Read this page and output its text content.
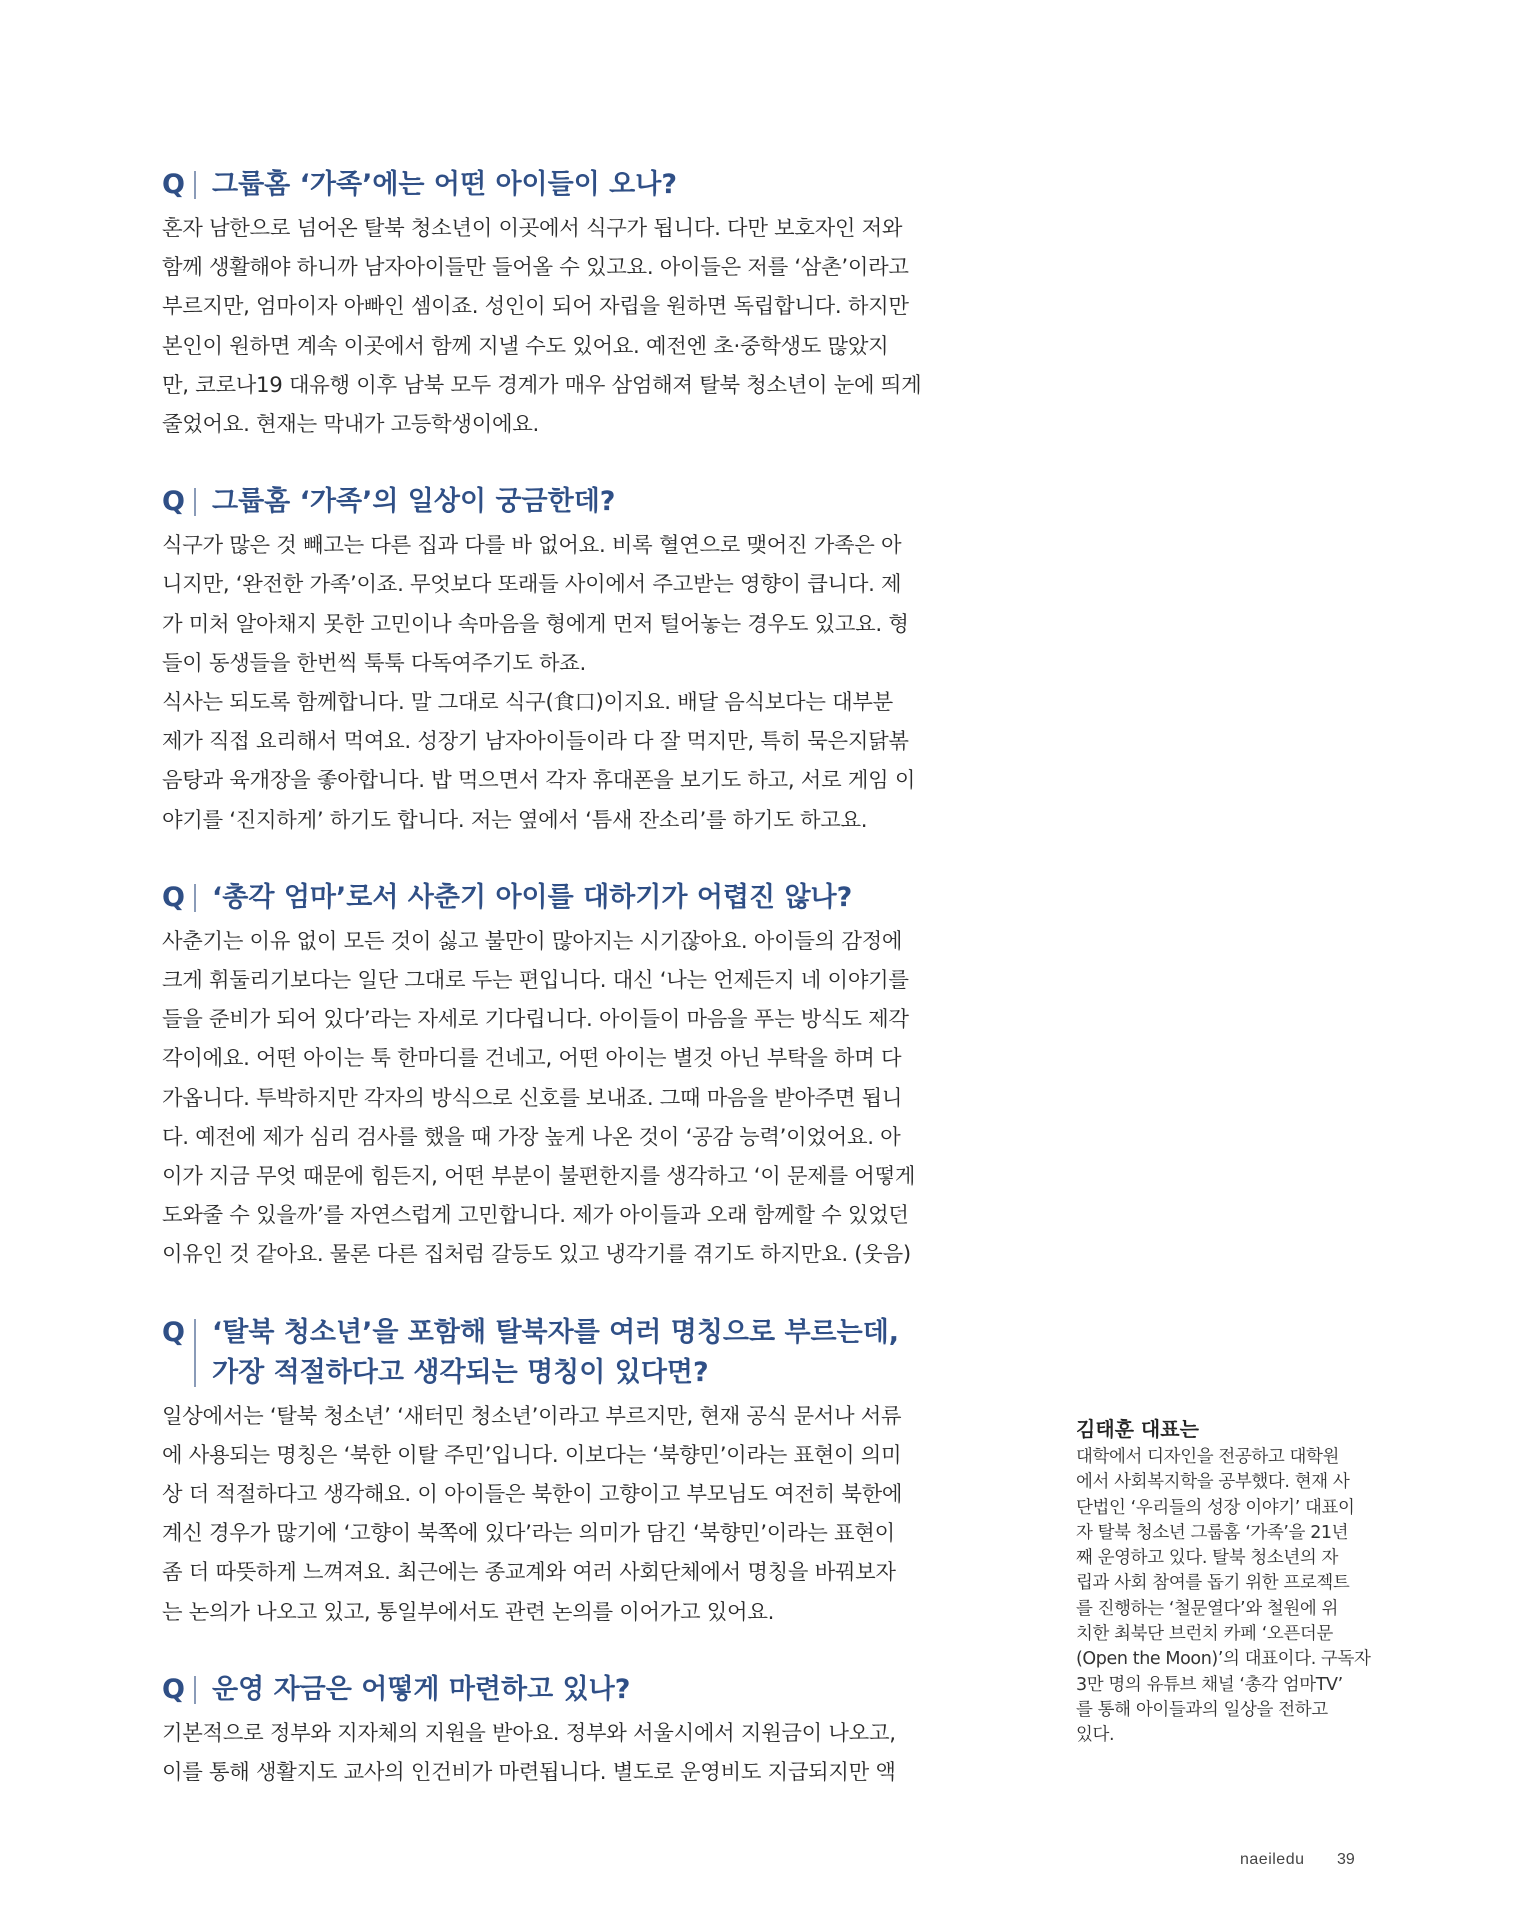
Q 그룹홈 ‘가족’에는 어떤 아이들이 오나?
혼자 남한으로 넘어온 탈북 청소년이 이곳에서 식구가 됩니다. 다만 보호자인 저와
함께 생활해야 하니까 남자아이들만 들어올 수 있고요. 아이들은 저를 ‘삼촌’이라고
부르지만, 엄마이자 아빠인 셈이죠. 성인이 되어 자립을 원하면 독립합니다. 하지만
본인이 원하면 계속 이곳에서 함께 지낼 수도 있어요. 예전엔 초·중학생도 많았지
만, 코로나19 대유행 이후 남북 모두 경계가 매우 삼엄해져 탈북 청소년이 눈에 띄게
줄었어요. 현재는 막내가 고등학생이에요.
Q 그룹홈 ‘가족’의 일상이 궁금한데?
식구가 많은 것 빼고는 다른 집과 다를 바 없어요. 비록 혈연으로 맺어진 가족은 아
니지만, ‘완전한 가족’이죠. 무엇보다 또래들 사이에서 주고받는 영향이 큽니다. 제
가 미처 알아채지 못한 고민이나 속마음을 형에게 먼저 털어놓는 경우도 있고요. 형
들이 동생들을 한번씩 툭툭 다독여주기도 하죠.
식사는 되도록 함께합니다. 말 그대로 식구(食口)이지요. 배달 음식보다는 대부분
제가 직접 요리해서 먹여요. 성장기 남자아이들이라 다 잘 먹지만, 특히 묵은지닭볶
음탕과 육개장을 좋아합니다. 밥 먹으면서 각자 휴대폰을 보기도 하고, 서로 게임 이
야기를 ‘진지하게’ 하기도 합니다. 저는 옆에서 ‘틈새 잔소리’를 하기도 하고요.
Q ‘총각 엄마’로서 사춘기 아이를 대하기가 어렵진 않나?
사춘기는 이유 없이 모든 것이 싫고 불만이 많아지는 시기잖아요. 아이들의 감정에
크게 휘둘리기보다는 일단 그대로 두는 편입니다. 대신 ‘나는 언제든지 네 이야기를
들을 준비가 되어 있다’라는 자세로 기다립니다. 아이들이 마음을 푸는 방식도 제각
각이에요. 어떤 아이는 툭 한마디를 건네고, 어떤 아이는 별것 아닌 부탁을 하며 다
가옵니다. 투박하지만 각자의 방식으로 신호를 보내죠. 그때 마음을 받아주면 됩니
다. 예전에 제가 심리 검사를 했을 때 가장 높게 나온 것이 ‘공감 능력’이었어요. 아
이가 지금 무엇 때문에 힘든지, 어떤 부분이 불편한지를 생각하고 ‘이 문제를 어떻게
도와줄 수 있을까’를 자연스럽게 고민합니다. 제가 아이들과 오래 함께할 수 있었던
이유인 것 같아요. 물론 다른 집처럼 갈등도 있고 냉각기를 겪기도 하지만요. (웃음)
Q ‘탈북 청소년’을 포함해 탈북자를 여러 명칭으로 부르는데,
가장 적절하다고 생각되는 명칭이 있다면?
일상에서는 ‘탈북 청소년’ ‘새터민 청소년’이라고 부르지만, 현재 공식 문서나 서류
에 사용되는 명칭은 ‘북한 이탈 주민’입니다. 이보다는 ‘북향민’이라는 표현이 의미
상 더 적절하다고 생각해요. 이 아이들은 북한이 고향이고 부모님도 여전히 북한에
계신 경우가 많기에 ‘고향이 북쪽에 있다’라는 의미가 담긴 ‘북향민’이라는 표현이
좀 더 따뜻하게 느껴져요. 최근에는 종교계와 여러 사회단체에서 명칭을 바꿔보자
는 논의가 나오고 있고, 통일부에서도 관련 논의를 이어가고 있어요.
Q 운영 자금은 어떻게 마련하고 있나?
기본적으로 정부와 지자체의 지원을 받아요. 정부와 서울시에서 지원금이 나오고,
이를 통해 생활지도 교사의 인건비가 마련됩니다. 별도로 운영비도 지급되지만 액
김태훈 대표는
대학에서 디자인을 전공하고 대학원
에서 사회복지학을 공부했다. 현재 사
단법인 ‘우리들의 성장 이야기’ 대표이
자 탈북 청소년 그룹홈 ‘가족’을 21년
째 운영하고 있다. 탈북 청소년의 자
립과 사회 참여를 돕기 위한 프로젝트
를 진행하는 ‘철문열다’와 철원에 위
치한 최북단 브런치 카페 ‘오픈더문
(Open the Moon)’의 대표이다. 구독자
3만 명의 유튜브 채널 ‘총각 엄마TV’
를 통해 아이들과의 일상을 전하고
있다.
naeiledu 39
